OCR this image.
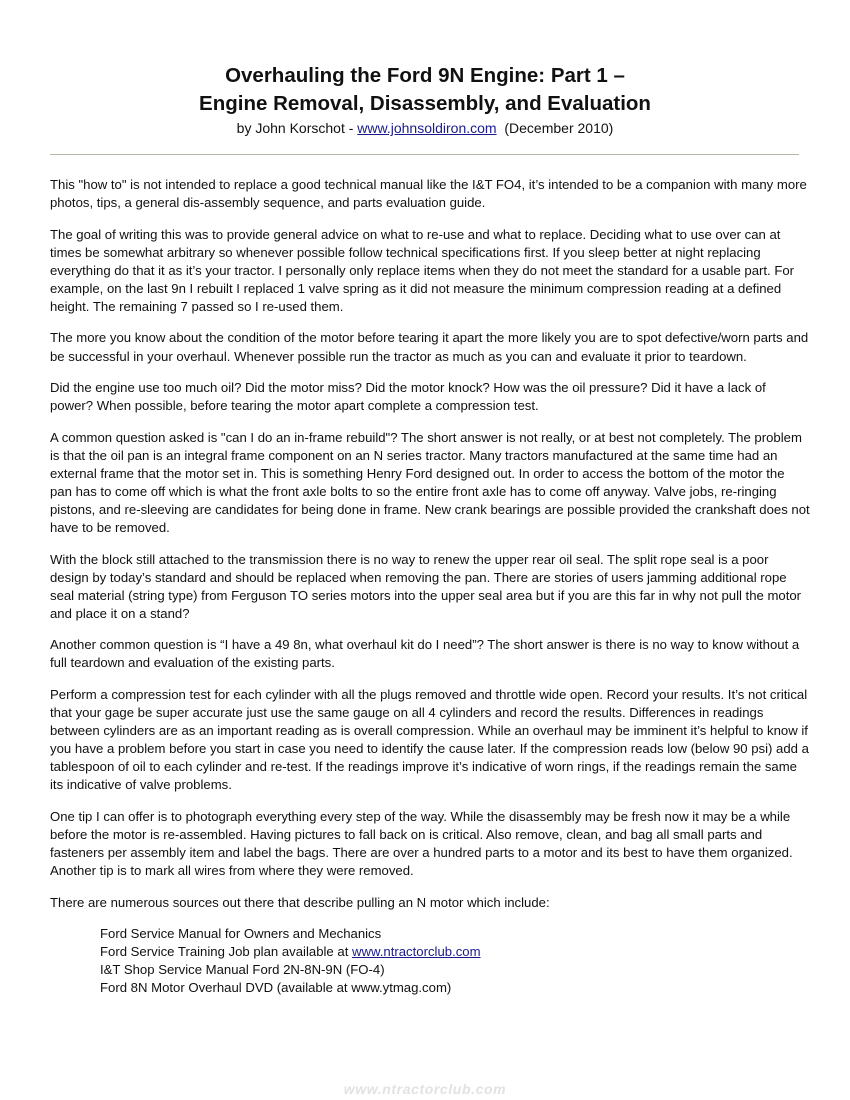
Overhauling the Ford 9N Engine: Part 1 –
Engine Removal, Disassembly, and Evaluation

by John Korschot - www.johnsoldiron.com  (December 2010)

This "how to" is not intended to replace a good technical manual like the I&T FO4, it’s intended to be a companion with many more photos, tips, a general dis-assembly sequence, and parts evaluation guide.

The goal of writing this was to provide general advice on what to re-use and what to replace. Deciding what to use over can at times be somewhat arbitrary so whenever possible follow technical specifications first. If you sleep better at night replacing everything do that it as it’s your tractor. I personally only replace items when they do not meet the standard for a usable part. For example, on the last 9n I rebuilt I replaced 1 valve spring as it did not measure the minimum compression reading at a defined height. The remaining 7 passed so I re-used them.

The more you know about the condition of the motor before tearing it apart the more likely you are to spot defective/worn parts and be successful in your overhaul. Whenever possible run the tractor as much as you can and evaluate it prior to teardown.

Did the engine use too much oil? Did the motor miss? Did the motor knock? How was the oil pressure? Did it have a lack of power? When possible, before tearing the motor apart complete a compression test.

A common question asked is "can I do an in-frame rebuild"? The short answer is not really, or at best not completely. The problem is that the oil pan is an integral frame component on an N series tractor. Many tractors manufactured at the same time had an external frame that the motor set in. This is something Henry Ford designed out. In order to access the bottom of the motor the pan has to come off which is what the front axle bolts to so the entire front axle has to come off anyway. Valve jobs, re-ringing pistons, and re-sleeving are candidates for being done in frame. New crank bearings are possible provided the crankshaft does not have to be removed.

With the block still attached to the transmission there is no way to renew the upper rear oil seal. The split rope seal is a poor design by today’s standard and should be replaced when removing the pan. There are stories of users jamming additional rope seal material (string type) from Ferguson TO series motors into the upper seal area but if you are this far in why not pull the motor and place it on a stand?

Another common question is “I have a 49 8n, what overhaul kit do I need”? The short answer is there is no way to know without a full teardown and evaluation of the existing parts.

Perform a compression test for each cylinder with all the plugs removed and throttle wide open. Record your results. It’s not critical that your gage be super accurate just use the same gauge on all 4 cylinders and record the results. Differences in readings between cylinders are as an important reading as is overall compression. While an overhaul may be imminent it’s helpful to know if you have a problem before you start in case you need to identify the cause later. If the compression reads low (below 90 psi) add a tablespoon of oil to each cylinder and re-test. If the readings improve it’s indicative of worn rings, if the readings remain the same its indicative of valve problems.

One tip I can offer is to photograph everything every step of the way. While the disassembly may be fresh now it may be a while before the motor is re-assembled. Having pictures to fall back on is critical. Also remove, clean, and bag all small parts and fasteners per assembly item and label the bags. There are over a hundred parts to a motor and its best to have them organized. Another tip is to mark all wires from where they were removed.

There are numerous sources out there that describe pulling an N motor which include:

Ford Service Manual for Owners and Mechanics
Ford Service Training Job plan available at www.ntractorclub.com
I&T Shop Service Manual Ford 2N-8N-9N (FO-4)
Ford 8N Motor Overhaul DVD (available at www.ytmag.com)
www.ntractorclub.com
